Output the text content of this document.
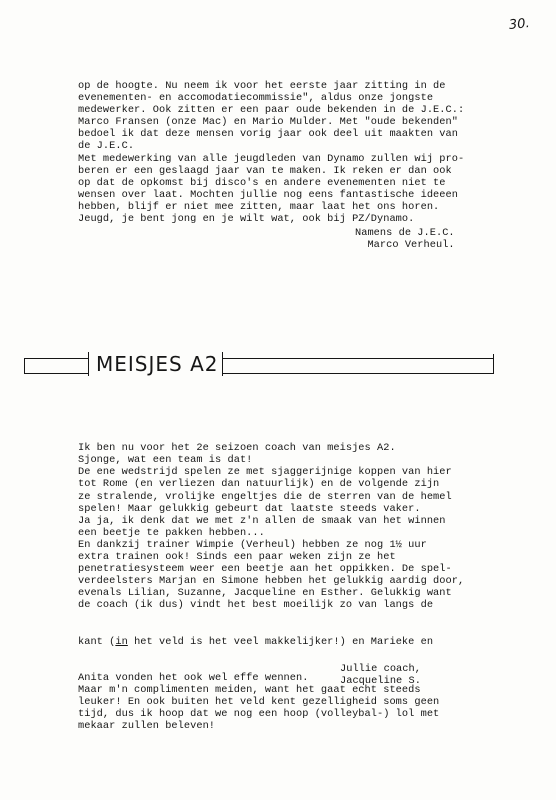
30.
op de hoogte. Nu neem ik voor het eerste jaar zitting in de
evenementen- en accomodatiecommissie", aldus onze jongste
medewerker. Ook zitten er een paar oude bekenden in de J.E.C.:
Marco Fransen (onze Mac) en Mario Mulder. Met "oude bekenden"
bedoel ik dat deze mensen vorig jaar ook deel uit maakten van
de J.E.C.
Met medewerking van alle jeugdleden van Dynamo zullen wij pro-
beren er een geslaagd jaar van te maken. Ik reken er dan ook
op dat de opkomst bij disco's en andere evenementen niet te
wensen over laat. Mochten jullie nog eens fantastische ideeen
hebben, blijf er niet mee zitten, maar laat het ons horen.
Jeugd, je bent jong en je wilt wat, ook bij PZ/Dynamo.
Namens de J.E.C.
Marco Verheul.
MEISJES A2

Ik ben nu voor het 2e seizoen coach van meisjes A2.
Sjonge, wat een team is dat!
De ene wedstrijd spelen ze met sjaggerijnige koppen van hier
tot Rome (en verliezen dan natuurlijk) en de volgende zijn
ze stralende, vrolijke engeltjes die de sterren van de hemel
spelen! Maar gelukkig gebeurt dat laatste steeds vaker.
Ja ja, ik denk dat we met z'n allen de smaak van het winnen
een beetje te pakken hebben...
En dankzij trainer Wimpie (Verheul) hebben ze nog 1½ uur
extra trainen ook! Sinds een paar weken zijn ze het
penetratiesysteem weer een beetje aan het oppikken. De spel-
verdeelsters Marjan en Simone hebben het gelukkig aardig door,
evenals Lilian, Suzanne, Jacqueline en Esther. Gelukkig want
de coach (ik dus) vindt het best moeilijk zo van langs de

kant (in het veld is het veel makkelijker!) en Marieke en

Anita vonden het ook wel effe wennen.
Maar m'n complimenten meiden, want het gaat echt steeds
leuker! En ook buiten het veld kent gezelligheid soms geen
tijd, dus ik hoop dat we nog een hoop (volleybal-) lol met
mekaar zullen beleven!

Jullie coach,
Jacqueline S.
